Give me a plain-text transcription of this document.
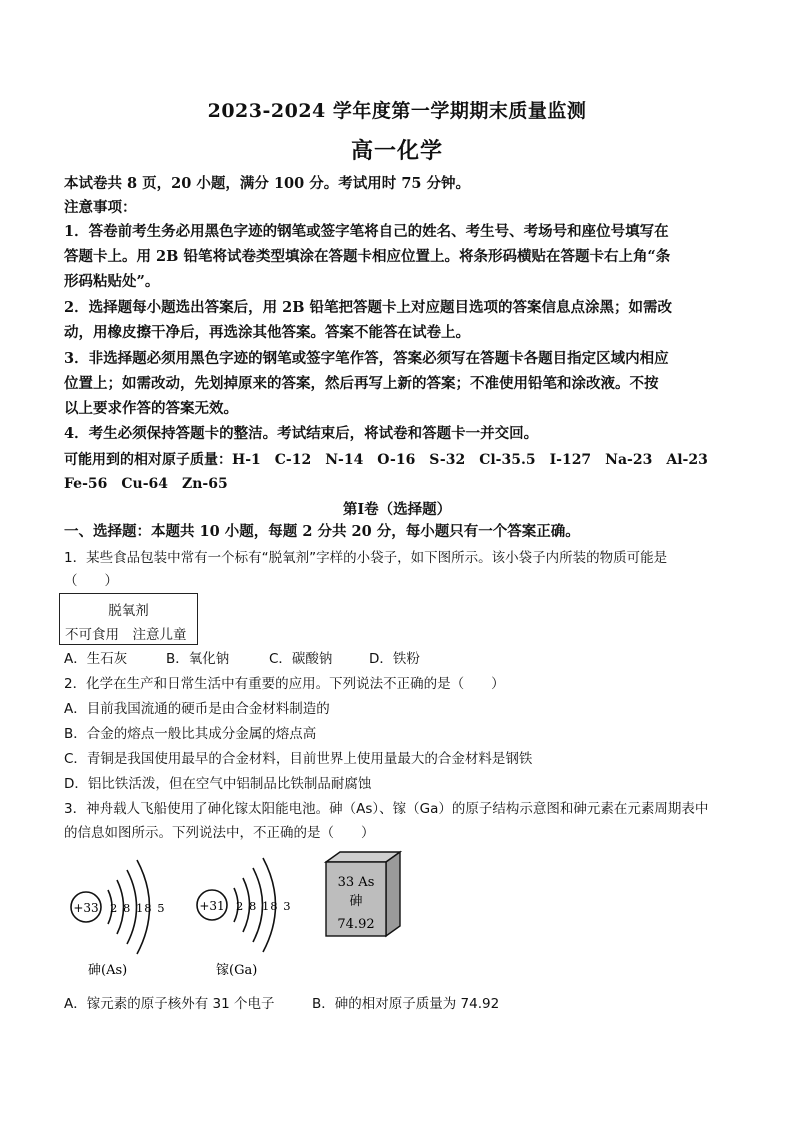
2023-2024 学年度第一学期期末质量监测
高一化学
本试卷共 8 页，20 小题，满分 100 分。考试用时 75 分钟。
注意事项：
1．答卷前考生务必用黑色字迹的钢笔或签字笔将自己的姓名、考生号、考场号和座位号填写在
答题卡上。用 2B 铅笔将试卷类型填涂在答题卡相应位置上。将条形码横贴在答题卡右上角“条
形码粘贴处”。
2．选择题每小题选出答案后，用 2B 铅笔把答题卡上对应题目选项的答案信息点涂黑；如需改
动，用橡皮擦干净后，再选涂其他答案。答案不能答在试卷上。
3．非选择题必须用黑色字迹的钢笔或签字笔作答，答案必须写在答题卡各题目指定区域内相应
位置上；如需改动，先划掉原来的答案，然后再写上新的答案；不准使用铅笔和涂改液。不按
以上要求作答的答案无效。
4．考生必须保持答题卡的整洁。考试结束后，将试卷和答题卡一并交回。
可能用到的相对原子质量：H-1　C-12　N-14　O-16　S-32　Cl-35.5　I-127　Na-23　Al-23
Fe-56　Cu-64　Zn-65
第Ⅰ卷（选择题）
一、选择题：本题共 10 小题，每题 2 分共 20 分，每小题只有一个答案正确。
1．某些食品包装中常有一个标有“脱氧剂”字样的小袋子，如下图所示。该小袋子内所装的物质可能是
（　　）
脱氧剂
不可食用　注意儿童
A．生石灰	B．氧化钠	C．碳酸钠	D．铁粉
2．化学在生产和日常生活中有重要的应用。下列说法不正确的是（　　）
A．目前我国流通的硬币是由合金材料制造的
B．合金的熔点一般比其成分金属的熔点高
C．青铜是我国使用最早的合金材料，目前世界上使用量最大的合金材料是钢铁
D．铝比铁活泼，但在空气中铝制品比铁制品耐腐蚀
3．神舟载人飞船使用了砷化镓太阳能电池。砷（As）、镓（Ga）的原子结构示意图和砷元素在元素周期表中
的信息如图所示。下列说法中，不正确的是（　　）
+33 2 8 18 5
砷(As)
+31 2 8 18 3
镓(Ga)
33 As
砷
74.92
A．镓元素的原子核外有 31 个电子	B．砷的相对原子质量为 74.92
